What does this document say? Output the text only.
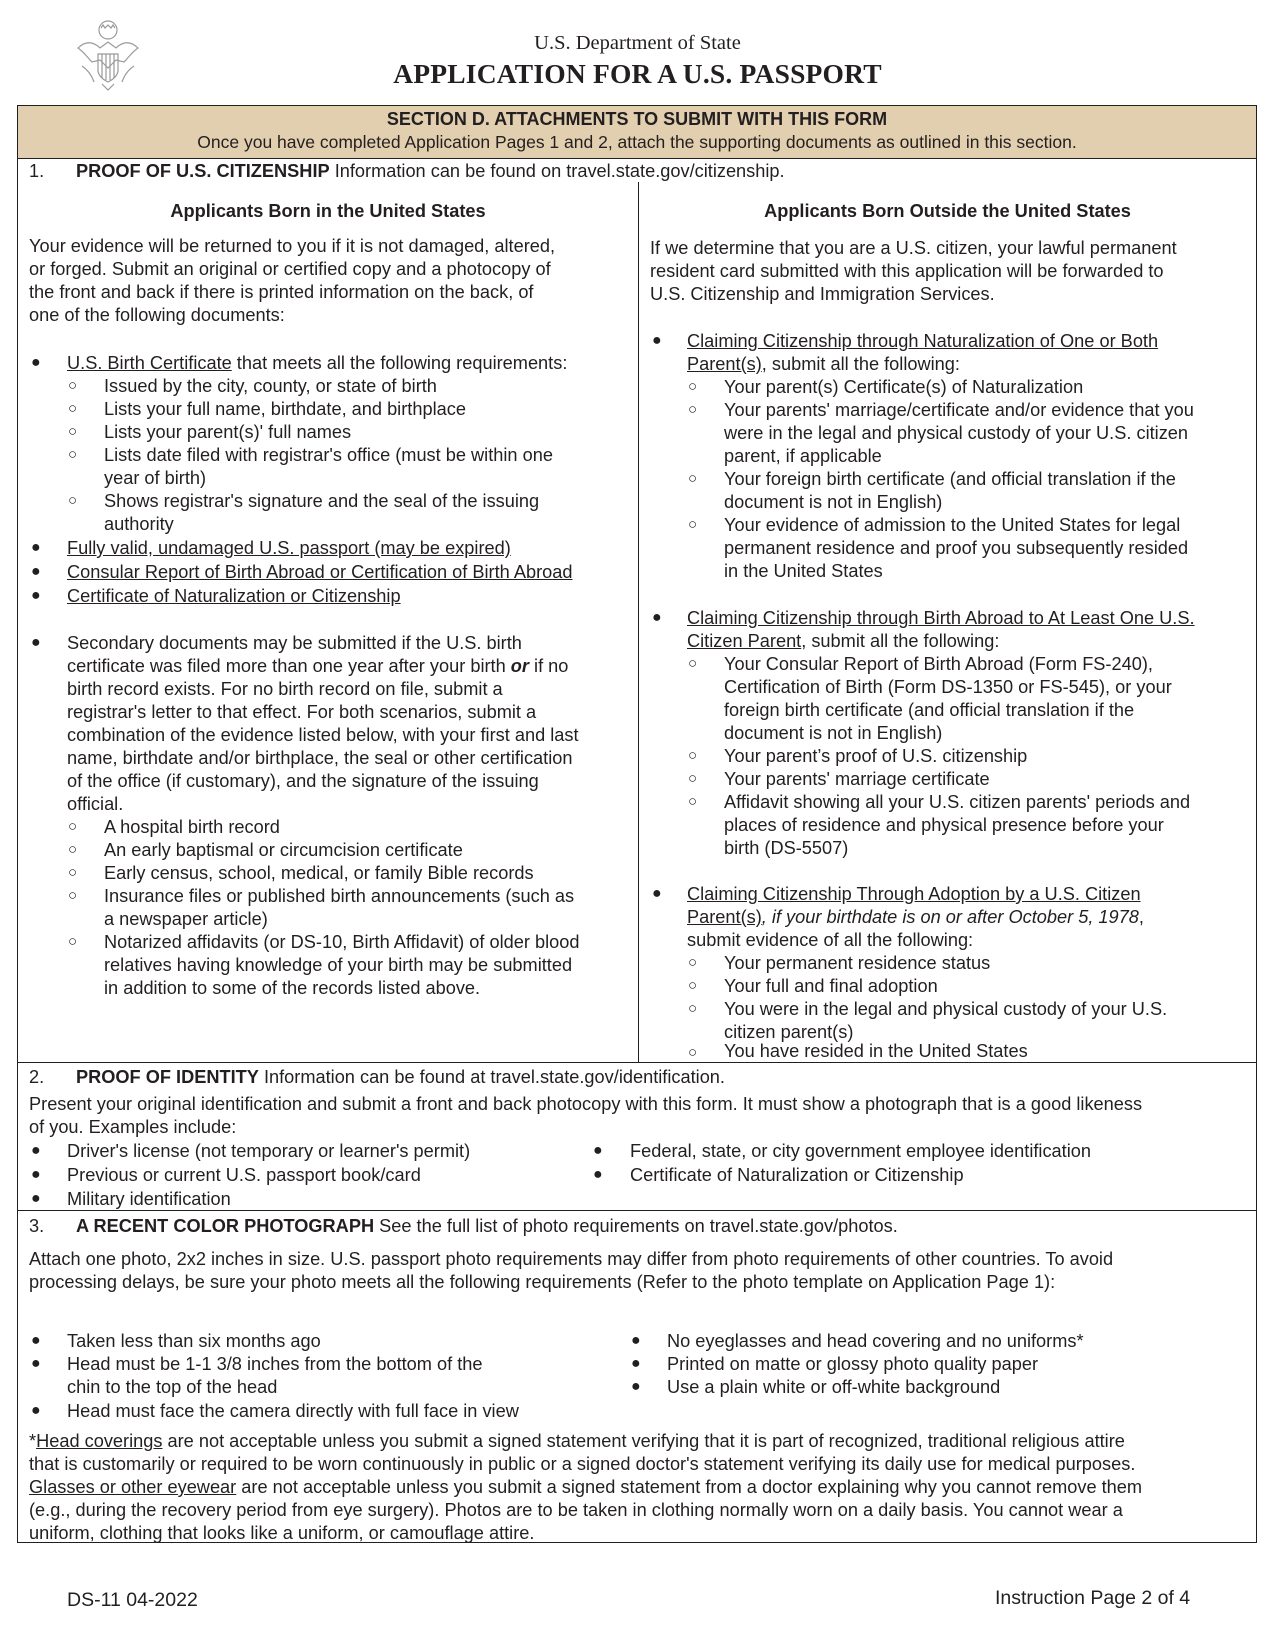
U.S. Department of State
APPLICATION FOR A U.S. PASSPORT
SECTION D. ATTACHMENTS TO SUBMIT WITH THIS FORM
Once you have completed Application Pages 1 and 2, attach the supporting documents as outlined in this section.
1. PROOF OF U.S. CITIZENSHIP Information can be found on travel.state.gov/citizenship.
Applicants Born in the United States
Your evidence will be returned to you if it is not damaged, altered,
or forged. Submit an original or certified copy and a photocopy of
the front and back if there is printed information on the back, of
one of the following documents:
● U.S. Birth Certificate that meets all the following requirements:
○ Issued by the city, county, or state of birth
○ Lists your full name, birthdate, and birthplace
○ Lists your parent(s)' full names
○ Lists date filed with registrar's office (must be within one
year of birth)
○ Shows registrar's signature and the seal of the issuing
authority
● Fully valid, undamaged U.S. passport (may be expired)
● Consular Report of Birth Abroad or Certification of Birth Abroad
● Certificate of Naturalization or Citizenship
● Secondary documents may be submitted if the U.S. birth
certificate was filed more than one year after your birth or if no
birth record exists. For no birth record on file, submit a
registrar's letter to that effect. For both scenarios, submit a
combination of the evidence listed below, with your first and last
name, birthdate and/or birthplace, the seal or other certification
of the office (if customary), and the signature of the issuing
official.
○ A hospital birth record
○ An early baptismal or circumcision certificate
○ Early census, school, medical, or family Bible records
○ Insurance files or published birth announcements (such as
a newspaper article)
○ Notarized affidavits (or DS-10, Birth Affidavit) of older blood
relatives having knowledge of your birth may be submitted
in addition to some of the records listed above.
Applicants Born Outside the United States
If we determine that you are a U.S. citizen, your lawful permanent
resident card submitted with this application will be forwarded to
U.S. Citizenship and Immigration Services.
● Claiming Citizenship through Naturalization of One or Both
Parent(s), submit all the following:
○ Your parent(s) Certificate(s) of Naturalization
○ Your parents' marriage/certificate and/or evidence that you
were in the legal and physical custody of your U.S. citizen
parent, if applicable
○ Your foreign birth certificate (and official translation if the
document is not in English)
○ Your evidence of admission to the United States for legal
permanent residence and proof you subsequently resided
in the United States
● Claiming Citizenship through Birth Abroad to At Least One U.S.
Citizen Parent, submit all the following:
○ Your Consular Report of Birth Abroad (Form FS-240),
Certification of Birth (Form DS-1350 or FS-545), or your
foreign birth certificate (and official translation if the
document is not in English)
○ Your parent’s proof of U.S. citizenship
○ Your parents' marriage certificate
○ Affidavit showing all your U.S. citizen parents' periods and
places of residence and physical presence before your
birth (DS-5507)
● Claiming Citizenship Through Adoption by a U.S. Citizen
Parent(s), if your birthdate is on or after October 5, 1978,
submit evidence of all the following:
○ Your permanent residence status
○ Your full and final adoption
○ You were in the legal and physical custody of your U.S.
citizen parent(s)
○ You have resided in the United States
2. PROOF OF IDENTITY Information can be found at travel.state.gov/identification.
Present your original identification and submit a front and back photocopy with this form. It must show a photograph that is a good likeness
of you. Examples include:
● Driver's license (not temporary or learner's permit)
● Previous or current U.S. passport book/card
● Military identification
● Federal, state, or city government employee identification
● Certificate of Naturalization or Citizenship
3. A RECENT COLOR PHOTOGRAPH See the full list of photo requirements on travel.state.gov/photos.
Attach one photo, 2x2 inches in size. U.S. passport photo requirements may differ from photo requirements of other countries. To avoid
processing delays, be sure your photo meets all the following requirements (Refer to the photo template on Application Page 1):
● Taken less than six months ago
● Head must be 1-1 3/8 inches from the bottom of the
chin to the top of the head
● Head must face the camera directly with full face in view
● No eyeglasses and head covering and no uniforms*
● Printed on matte or glossy photo quality paper
● Use a plain white or off-white background
*Head coverings are not acceptable unless you submit a signed statement verifying that it is part of recognized, traditional religious attire
that is customarily or required to be worn continuously in public or a signed doctor's statement verifying its daily use for medical purposes.
Glasses or other eyewear are not acceptable unless you submit a signed statement from a doctor explaining why you cannot remove them
(e.g., during the recovery period from eye surgery). Photos are to be taken in clothing normally worn on a daily basis. You cannot wear a
uniform, clothing that looks like a uniform, or camouflage attire.
DS-11 04-2022	Instruction Page 2 of 4
